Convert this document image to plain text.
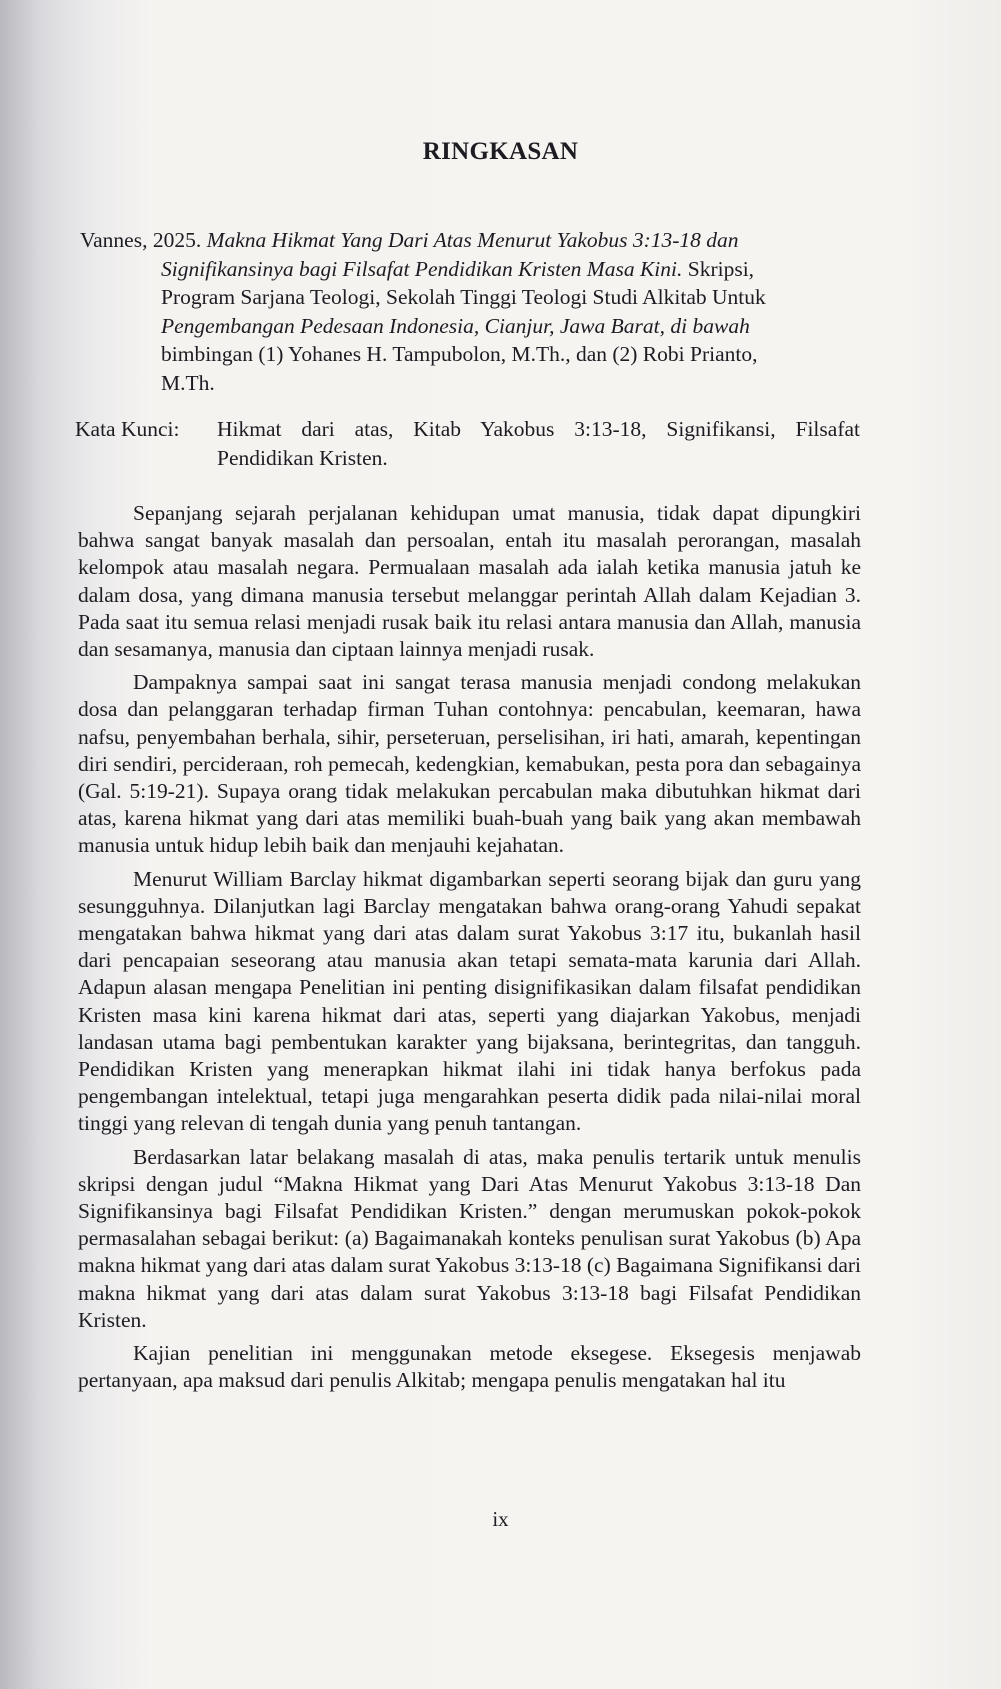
RINGKASAN
Vannes, 2025. Makna Hikmat Yang Dari Atas Menurut Yakobus 3:13-18 dan
Signifikansinya bagi Filsafat Pendidikan Kristen Masa Kini. Skripsi,
Program Sarjana Teologi, Sekolah Tinggi Teologi Studi Alkitab Untuk
Pengembangan Pedesaan Indonesia, Cianjur, Jawa Barat, di bawah
bimbingan (1) Yohanes H. Tampubolon, M.Th., dan (2) Robi Prianto,
M.Th.
Kata Kunci: Hikmat dari atas, Kitab Yakobus 3:13-18, Signifikansi, Filsafat Pendidikan Kristen.

Sepanjang sejarah perjalanan kehidupan umat manusia, tidak dapat dipungkiri bahwa sangat banyak masalah dan persoalan, entah itu masalah perorangan, masalah kelompok atau masalah negara. Permualaan masalah ada ialah ketika manusia jatuh ke dalam dosa, yang dimana manusia tersebut melanggar perintah Allah dalam Kejadian 3. Pada saat itu semua relasi menjadi rusak baik itu relasi antara manusia dan Allah, manusia dan sesamanya, manusia dan ciptaan lainnya menjadi rusak.

Dampaknya sampai saat ini sangat terasa manusia menjadi condong melakukan dosa dan pelanggaran terhadap firman Tuhan contohnya: pencabulan, keemaran, hawa nafsu, penyembahan berhala, sihir, perseteruan, perselisihan, iri hati, amarah, kepentingan diri sendiri, percideraan, roh pemecah, kedengkian, kemabukan, pesta pora dan sebagainya (Gal. 5:19-21). Supaya orang tidak melakukan percabulan maka dibutuhkan hikmat dari atas, karena hikmat yang dari atas memiliki buah-buah yang baik yang akan membawah manusia untuk hidup lebih baik dan menjauhi kejahatan.

Menurut William Barclay hikmat digambarkan seperti seorang bijak dan guru yang sesungguhnya. Dilanjutkan lagi Barclay mengatakan bahwa orang-orang Yahudi sepakat mengatakan bahwa hikmat yang dari atas dalam surat Yakobus 3:17 itu, bukanlah hasil dari pencapaian seseorang atau manusia akan tetapi semata-mata karunia dari Allah. Adapun alasan mengapa Penelitian ini penting disignifikasikan dalam filsafat pendidikan Kristen masa kini karena hikmat dari atas, seperti yang diajarkan Yakobus, menjadi landasan utama bagi pembentukan karakter yang bijaksana, berintegritas, dan tangguh. Pendidikan Kristen yang menerapkan hikmat ilahi ini tidak hanya berfokus pada pengembangan intelektual, tetapi juga mengarahkan peserta didik pada nilai-nilai moral tinggi yang relevan di tengah dunia yang penuh tantangan.

Berdasarkan latar belakang masalah di atas, maka penulis tertarik untuk menulis skripsi dengan judul “Makna Hikmat yang Dari Atas Menurut Yakobus 3:13-18 Dan Signifikansinya bagi Filsafat Pendidikan Kristen.” dengan merumuskan pokok-pokok permasalahan sebagai berikut: (a) Bagaimanakah konteks penulisan surat Yakobus (b) Apa makna hikmat yang dari atas dalam surat Yakobus 3:13-18 (c) Bagaimana Signifikansi dari makna hikmat yang dari atas dalam surat Yakobus 3:13-18 bagi Filsafat Pendidikan Kristen.

Kajian penelitian ini menggunakan metode eksegese. Eksegesis menjawab pertanyaan, apa maksud dari penulis Alkitab; mengapa penulis mengatakan hal itu

ix
